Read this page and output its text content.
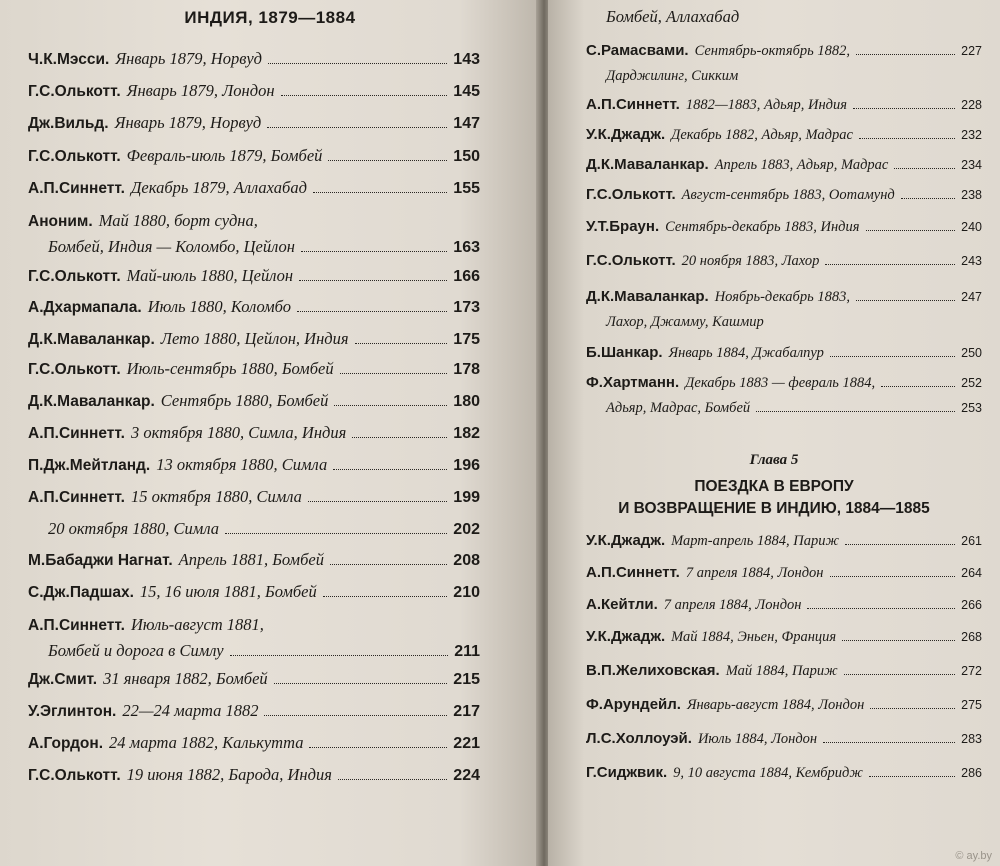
ИНДИЯ, 1879—1884
Ч.К.Мэсси. Январь 1879, Норвуд	143
Г.С.Олькотт. Январь 1879, Лондон	145
Дж.Вильд. Январь 1879, Норвуд	147
Г.С.Олькотт. Февраль-июль 1879, Бомбей	150
А.П.Синнетт. Декабрь 1879, Аллахабад	155
Аноним. Май 1880, борт судна,
Бомбей, Индия — Коломбо, Цейлон	163
Г.С.Олькотт. Май-июль 1880, Цейлон	166
А.Дхармапала. Июль 1880, Коломбо	173
Д.К.Маваланкар. Лето 1880, Цейлон, Индия	175
Г.С.Олькотт. Июль-сентябрь 1880, Бомбей	178
Д.К.Маваланкар. Сентябрь 1880, Бомбей	180
А.П.Синнетт. 3 октября 1880, Симла, Индия	182
П.Дж.Мейтланд. 13 октября 1880, Симла	196
А.П.Синнетт. 15 октября 1880, Симла	199
20 октября 1880, Симла	202
М.Бабаджи Нагнат. Апрель 1881, Бомбей	208
С.Дж.Падшах. 15, 16 июля 1881, Бомбей	210
А.П.Синнетт. Июль-август 1881,
Бомбей и дорога в Симлу	211
Дж.Смит. 31 января 1882, Бомбей	215
У.Эглинтон. 22—24 марта 1882	217
А.Гордон. 24 марта 1882, Калькутта	221
Г.С.Олькотт. 19 июня 1882, Барода, Индия	224
Бомбей, Аллахабад
С.Рамасвами. Сентябрь-октябрь 1882,	227
Дарджилинг, Сикким
А.П.Синнетт. 1882—1883, Адьяр, Индия	228
У.К.Джадж. Декабрь 1882, Адьяр, Мадрас	232
Д.К.Маваланкар. Апрель 1883, Адьяр, Мадрас	234
Г.С.Олькотт. Август-сентябрь 1883, Оотамунд	238
У.Т.Браун. Сентябрь-декабрь 1883, Индия	240
Г.С.Олькотт. 20 ноября 1883, Лахор	243
Д.К.Маваланкар. Ноябрь-декабрь 1883,	247
Лахор, Джамму, Кашмир
Б.Шанкар. Январь 1884, Джабалпур	250
Ф.Хартманн. Декабрь 1883 — февраль 1884,	252
Адьяр, Мадрас, Бомбей	253
Глава 5
ПОЕЗДКА В ЕВРОПУ
И ВОЗВРАЩЕНИЕ В ИНДИЮ, 1884—1885
У.К.Джадж. Март-апрель 1884, Париж	261
А.П.Синнетт. 7 апреля 1884, Лондон	264
А.Кейтли. 7 апреля 1884, Лондон	266
У.К.Джадж. Май 1884, Эньен, Франция	268
В.П.Желиховская. Май 1884, Париж	272
Ф.Арундейл. Январь-август 1884, Лондон	275
Л.С.Холлоуэй. Июль 1884, Лондон	283
Г.Сиджвик. 9, 10 августа 1884, Кембридж	286
© ay.by
